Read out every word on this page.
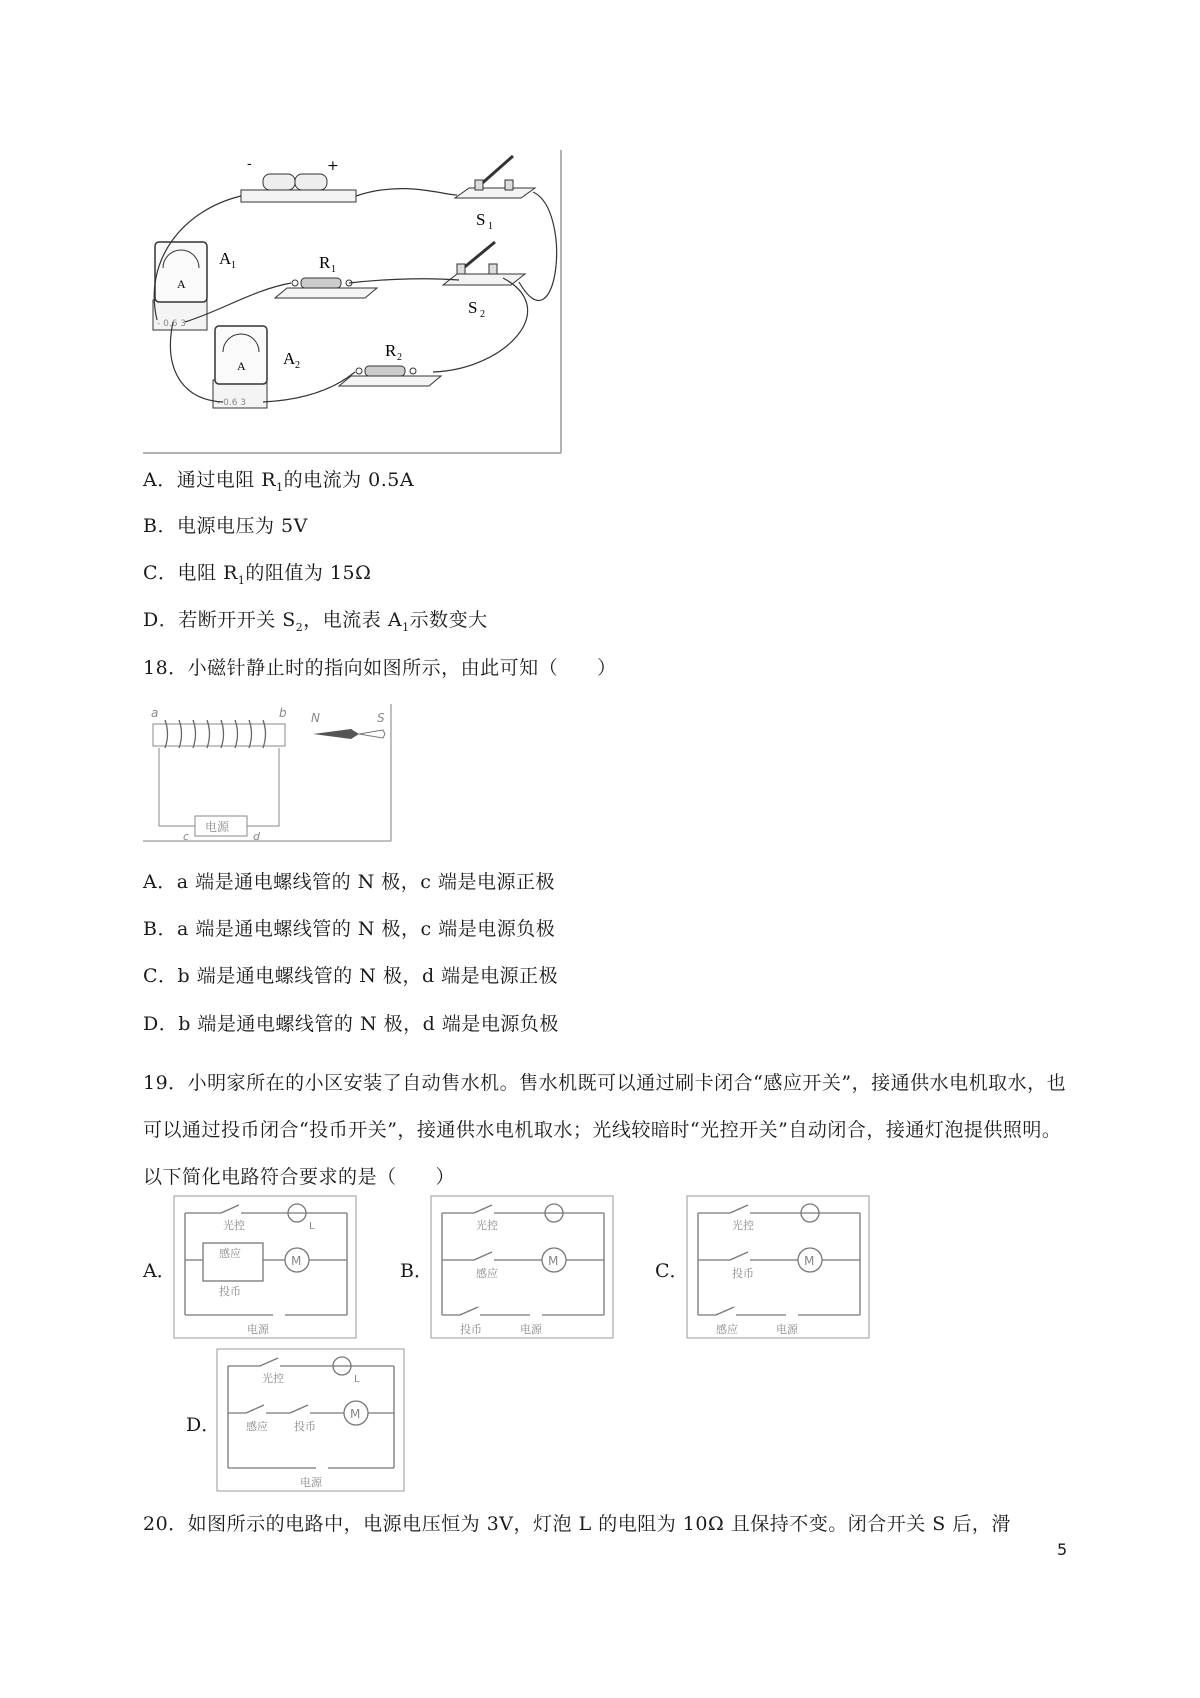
-	+
S 1
S 2
R 1
R 2
A
- 0.6 3
A 1
A
- 0.6 3
A 2
A．通过电阻 $R_1$的电流为 0.5A
B．电源电压为 5V
C．电阻 $R_1$的阻值为 15Ω
D．若断开开关 $S_2$，电流表 $A_1$示数变大
18．小磁针静止时的指向如图所示，由此可知（　　）
a	b
电源
c	d
N	S
A．a 端是通电螺线管的 N 极，c 端是电源正极
B．a 端是通电螺线管的 N 极，c 端是电源负极
C．b 端是通电螺线管的 N 极，d 端是电源正极
D．b 端是通电螺线管的 N 极，d 端是电源负极
19．小明家所在的小区安装了自动售水机。售水机既可以通过刷卡闭合“感应开关”，接通供水电机取水，也可以通过投币闭合“投币开关”，接通供水电机取水；光线较暗时“光控开关”自动闭合，接通灯泡提供照明。以下简化电路符合要求的是（　　）
A．
光控
感应
投币
M
L
电源
B．
光控
感应
M
投币	电源
C．
光控
投币
M
感应	电源
D．
光控
感应 投币
M
L
电源
20．如图所示的电路中，电源电压恒为 3V，灯泡 L 的电阻为 10Ω 且保持不变。闭合开关 S 后，滑
5
